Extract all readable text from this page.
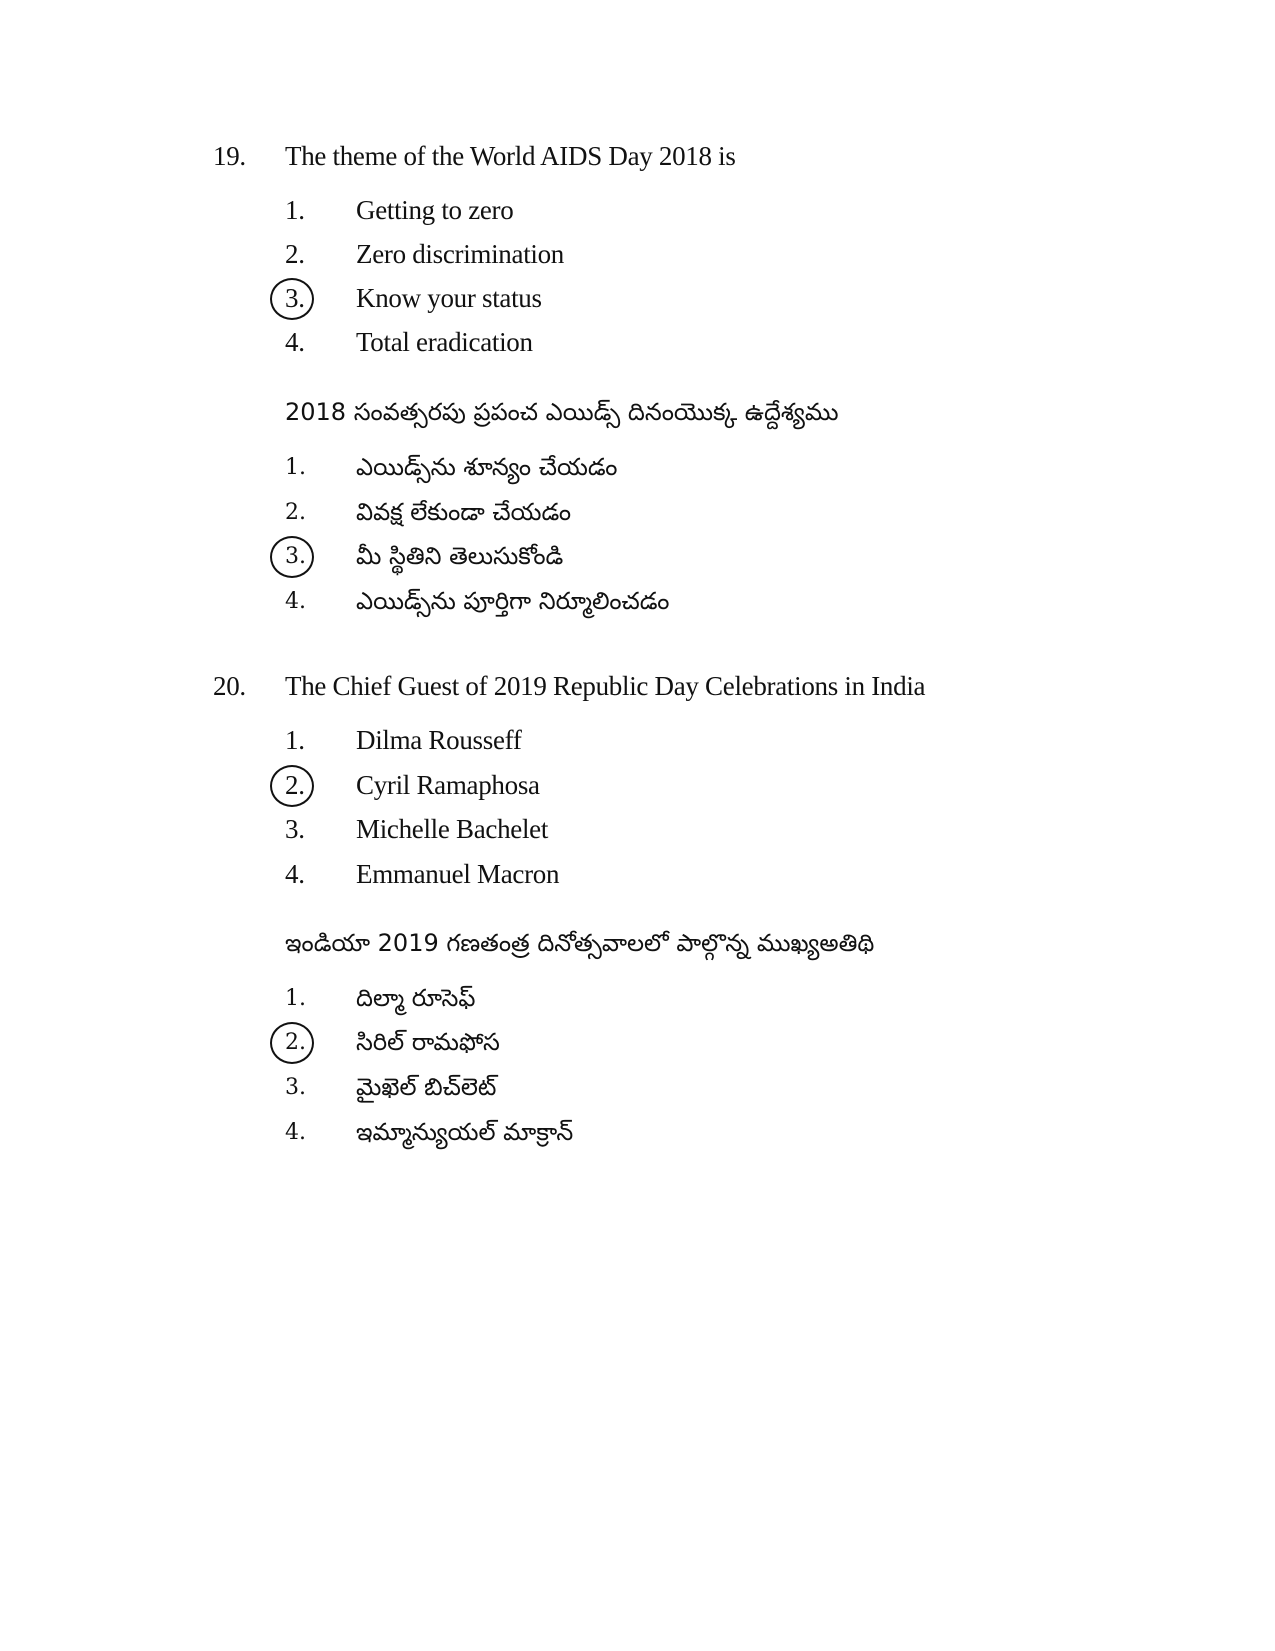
19. The theme of the World AIDS Day 2018 is
1. Getting to zero
2. Zero discrimination
3. Know your status
4. Total eradication
2018 సంవత్సరపు ప్రపంచ ఎయిడ్స్ దినంయొక్క ఉద్దేశ్యము
1. ఎయిడ్స్‌ను శూన్యం చేయడం
2. వివక్ష లేకుండా చేయడం
3. మీ స్థితిని తెలుసుకోండి
4. ఎయిడ్స్‌ను పూర్తిగా నిర్మూలించడం
20. The Chief Guest of 2019 Republic Day Celebrations in India
1. Dilma Rousseff
2. Cyril Ramaphosa
3. Michelle Bachelet
4. Emmanuel Macron
ఇండియా 2019 గణతంత్ర దినోత్సవాలలో పాల్గొన్న ముఖ్యఅతిథి
1. దిల్మా రూసెఫ్
2. సిరిల్ రామఫోస
3. మైఖెల్ బిచ్‌లెట్
4. ఇమ్మాన్యుయల్ మాక్రాన్
